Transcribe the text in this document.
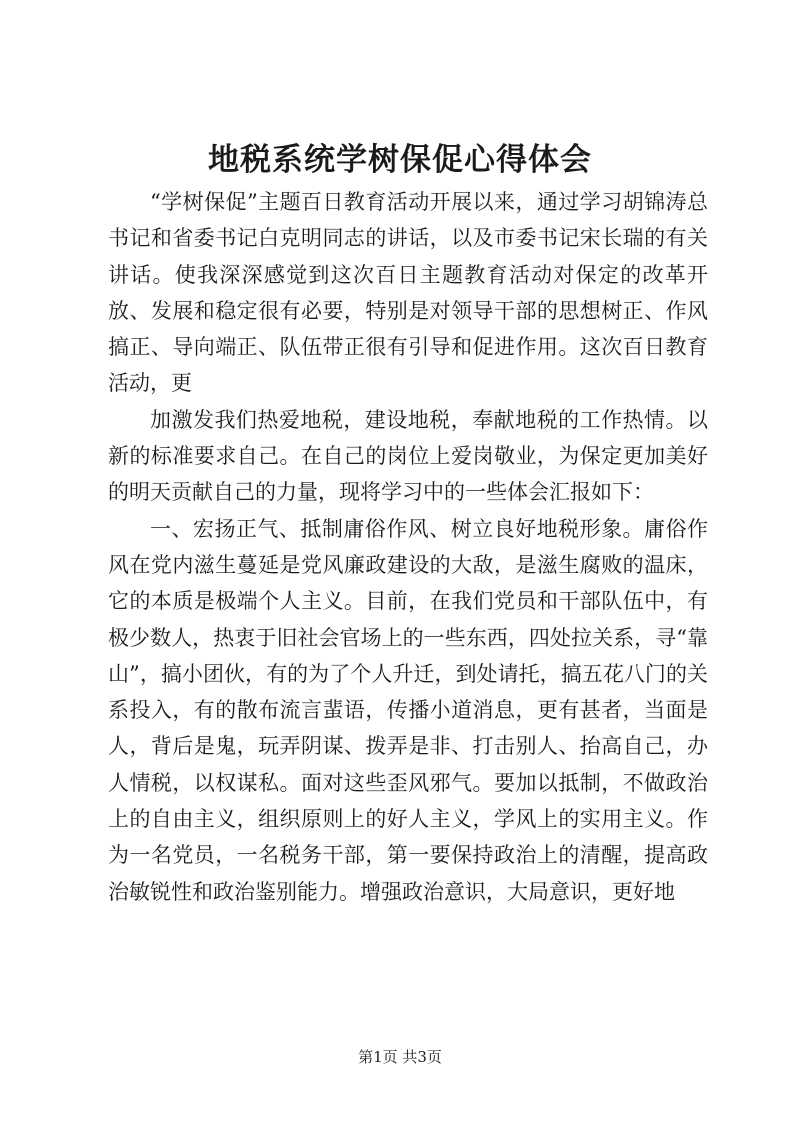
地税系统学树保促心得体会

“学树保促”主题百日教育活动开展以来，通过学习胡锦涛总书记和省委书记白克明同志的讲话，以及市委书记宋长瑞的有关讲话。使我深深感觉到这次百日主题教育活动对保定的改革开放、发展和稳定很有必要，特别是对领导干部的思想树正、作风搞正、导向端正、队伍带正很有引导和促进作用。这次百日教育活动，更

加激发我们热爱地税，建设地税，奉献地税的工作热情。以新的标准要求自己。在自己的岗位上爱岗敬业，为保定更加美好的明天贡献自己的力量，现将学习中的一些体会汇报如下：

一、宏扬正气、抵制庸俗作风、树立良好地税形象。庸俗作风在党内滋生蔓延是党风廉政建设的大敌，是滋生腐败的温床，它的本质是极端个人主义。目前，在我们党员和干部队伍中，有极少数人，热衷于旧社会官场上的一些东西，四处拉关系，寻“靠山”，搞小团伙，有的为了个人升迁，到处请托，搞五花八门的关系投入，有的散布流言蜚语，传播小道消息，更有甚者，当面是人，背后是鬼，玩弄阴谋、拨弄是非、打击别人、抬高自己，办人情税，以权谋私。面对这些歪风邪气。要加以抵制，不做政治上的自由主义，组织原则上的好人主义，学风上的实用主义。作为一名党员，一名税务干部，第一要保持政治上的清醒，提高政治敏锐性和政治鉴别能力。增强政治意识，大局意识，更好地

第1页 共3页
